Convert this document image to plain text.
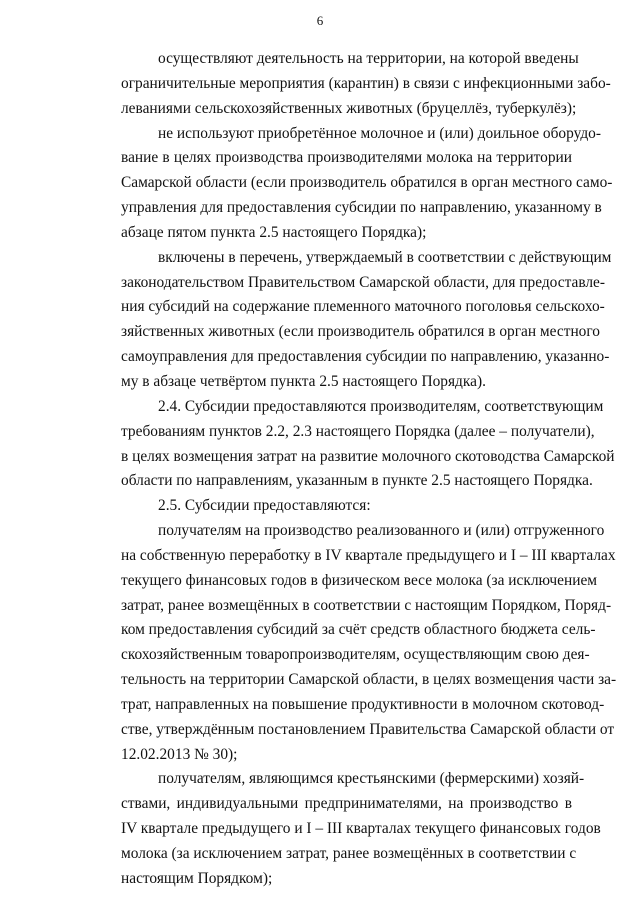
6

осуществляют деятельность на территории, на которой введены
ограничительные мероприятия (карантин) в связи с инфекционными забо-
леваниями сельскохозяйственных животных (бруцеллёз, туберкулёз);

не используют приобретённое молочное и (или) доильное оборудо-
вание в целях производства производителями молока на территории
Самарской области (если производитель обратился в орган местного само-
управления для предоставления субсидии по направлению, указанному в
абзаце пятом пункта 2.5 настоящего Порядка);

включены в перечень, утверждаемый в соответствии с действующим
законодательством Правительством Самарской области, для предоставле-
ния субсидий на содержание племенного маточного поголовья сельскохо-
зяйственных животных (если производитель обратился в орган местного
самоуправления для предоставления субсидии по направлению, указанно-
му в абзаце четвёртом пункта 2.5 настоящего Порядка).

2.4. Субсидии предоставляются производителям, соответствующим
требованиям пунктов 2.2, 2.3 настоящего Порядка (далее – получатели),
в целях возмещения затрат на развитие молочного скотоводства Самарской
области по направлениям, указанным в пункте 2.5 настоящего Порядка.

2.5. Субсидии предоставляются:

получателям на производство реализованного и (или) отгруженного
на собственную переработку в IV квартале предыдущего и I – III кварталах
текущего финансовых годов в физическом весе молока (за исключением
затрат, ранее возмещённых в соответствии с настоящим Порядком, Поряд-
ком предоставления субсидий за счёт средств областного бюджета сель-
скохозяйственным товаропроизводителям, осуществляющим свою дея-
тельность на территории Самарской области, в целях возмещения части за-
трат, направленных на повышение продуктивности в молочном скотовод-
стве, утверждённым постановлением Правительства Самарской области от
12.02.2013 № 30);

получателям, являющимся крестьянскими (фермерскими) хозяй-
ствами, индивидуальными предпринимателями, на производство в
IV квартале предыдущего и I – III кварталах текущего финансовых годов
молока (за исключением затрат, ранее возмещённых в соответствии с
настоящим Порядком);
